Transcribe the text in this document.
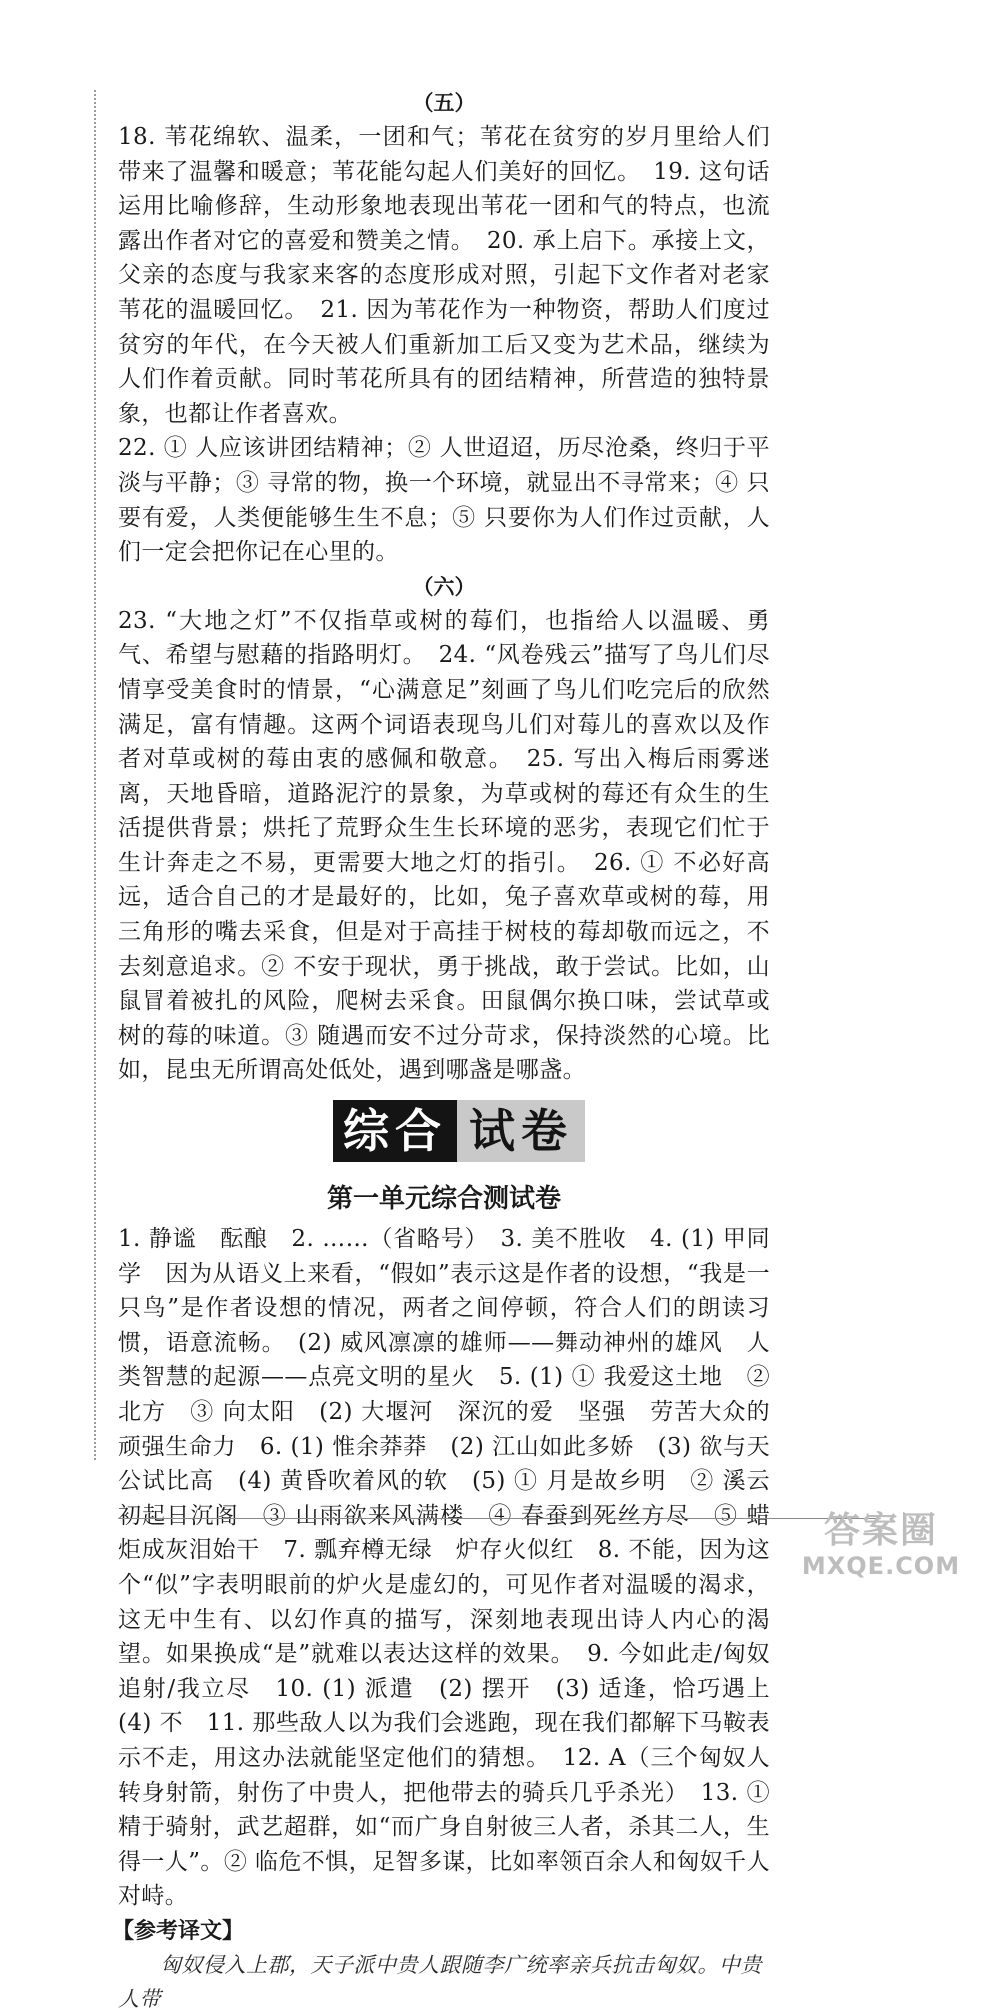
（五）

18. 苇花绵软、温柔，一团和气；苇花在贫穷的岁月里给人们带来了温馨和暖意；苇花能勾起人们美好的回忆。　19. 这句话运用比喻修辞，生动形象地表现出苇花一团和气的特点，也流露出作者对它的喜爱和赞美之情。　20. 承上启下。承接上文，父亲的态度与我家来客的态度形成对照，引起下文作者对老家苇花的温暖回忆。　21. 因为苇花作为一种物资，帮助人们度过贫穷的年代，在今天被人们重新加工后又变为艺术品，继续为人们作着贡献。同时苇花所具有的团结精神，所营造的独特景象，也都让作者喜欢。

22. ① 人应该讲团结精神；② 人世迢迢，历尽沧桑，终归于平淡与平静；③ 寻常的物，换一个环境，就显出不寻常来；④ 只要有爱，人类便能够生生不息；⑤ 只要你为人们作过贡献，人们一定会把你记在心里的。

（六）

23. “大地之灯”不仅指草或树的莓们，也指给人以温暖、勇气、希望与慰藉的指路明灯。　24. “风卷残云”描写了鸟儿们尽情享受美食时的情景，“心满意足”刻画了鸟儿们吃完后的欣然满足，富有情趣。这两个词语表现鸟儿们对莓儿的喜欢以及作者对草或树的莓由衷的感佩和敬意。　25. 写出入梅后雨雾迷离，天地昏暗，道路泥泞的景象，为草或树的莓还有众生的生活提供背景；烘托了荒野众生生长环境的恶劣，表现它们忙于生计奔走之不易，更需要大地之灯的指引。　26. ① 不必好高远，适合自己的才是最好的，比如，兔子喜欢草或树的莓，用三角形的嘴去采食，但是对于高挂于树枝的莓却敬而远之，不去刻意追求。② 不安于现状，勇于挑战，敢于尝试。比如，山鼠冒着被扎的风险，爬树去采食。田鼠偶尔换口味，尝试草或树的莓的味道。③ 随遇而安不过分苛求，保持淡然的心境。比如，昆虫无所谓高处低处，遇到哪盏是哪盏。

综合 试卷
第一单元综合测试卷

1. 静谧　酝酿　2. ……（省略号）　3. 美不胜收　4. (1) 甲同学　因为从语义上来看，“假如”表示这是作者的设想，“我是一只鸟”是作者设想的情况，两者之间停顿，符合人们的朗读习惯，语意流畅。　(2) 威风凛凛的雄师——舞动神州的雄风　人类智慧的起源——点亮文明的星火　5. (1) ① 我爱这土地　② 北方　③ 向太阳　(2) 大堰河　深沉的爱　坚强　劳苦大众的顽强生命力　6. (1) 惟余莽莽　(2) 江山如此多娇　(3) 欲与天公试比高　(4) 黄昏吹着风的软　(5) ① 月是故乡明　② 溪云初起日沉阁　③ 山雨欲来风满楼　④ 春蚕到死丝方尽　⑤ 蜡炬成灰泪始干　7. 瓢弃樽无绿　炉存火似红　8. 不能，因为这个“似”字表明眼前的炉火是虚幻的，可见作者对温暖的渴求，这无中生有、以幻作真的描写，深刻地表现出诗人内心的渴望。如果换成“是”就难以表达这样的效果。　9. 今如此走/匈奴追射/我立尽　10. (1) 派遣　(2) 摆开　(3) 适逢，恰巧遇上　(4) 不　11. 那些敌人以为我们会逃跑，现在我们都解下马鞍表示不走，用这办法就能坚定他们的猜想。　12. A（三个匈奴人转身射箭，射伤了中贵人，把他带去的骑兵几乎杀光）　13. ① 精于骑射，武艺超群，如“而广身自射彼三人者，杀其二人，生得一人”。② 临危不惧，足智多谋，比如率领百余人和匈奴千人对峙。

【参考译文】

匈奴侵入上郡，天子派中贵人跟随李广统率亲兵抗击匈奴。中贵人带

答案圈
MXQE.COM
